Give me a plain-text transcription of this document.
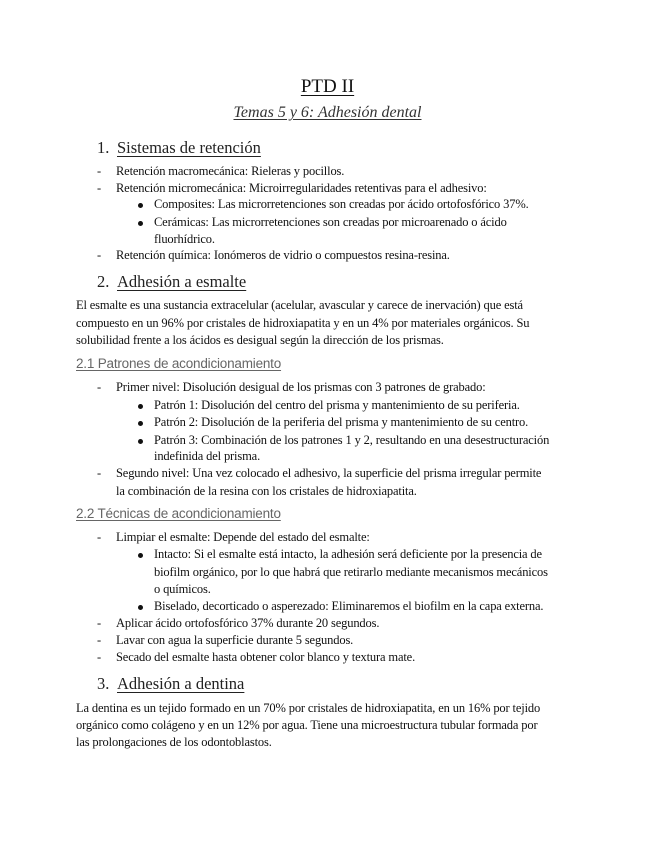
PTD II
Temas 5 y 6: Adhesión dental
1. Sistemas de retención
- Retención macromecánica: Rieleras y pocillos.
- Retención micromecánica: Microirregularidades retentivas para el adhesivo:
Composites: Las microrretenciones son creadas por ácido ortofosfórico 37%.
Cerámicas: Las microrretenciones son creadas por microarenado o ácido
fluorhídrico.
- Retención química: Ionómeros de vidrio o compuestos resina-resina.
2. Adhesión a esmalte
El esmalte es una sustancia extracelular (acelular, avascular y carece de inervación) que está
compuesto en un 96% por cristales de hidroxiapatita y en un 4% por materiales orgánicos. Su
solubilidad frente a los ácidos es desigual según la dirección de los prismas.
2.1 Patrones de acondicionamiento
- Primer nivel: Disolución desigual de los prismas con 3 patrones de grabado:
Patrón 1: Disolución del centro del prisma y mantenimiento de su periferia.
Patrón 2: Disolución de la periferia del prisma y mantenimiento de su centro.
Patrón 3: Combinación de los patrones 1 y 2, resultando en una desestructuración
indefinida del prisma.
- Segundo nivel: Una vez colocado el adhesivo, la superficie del prisma irregular permite
la combinación de la resina con los cristales de hidroxiapatita.
2.2 Técnicas de acondicionamiento
- Limpiar el esmalte: Depende del estado del esmalte:
Intacto: Si el esmalte está intacto, la adhesión será deficiente por la presencia de
biofilm orgánico, por lo que habrá que retirarlo mediante mecanismos mecánicos
o químicos.
Biselado, decorticado o asperezado: Eliminaremos el biofilm en la capa externa.
- Aplicar ácido ortofosfórico 37% durante 20 segundos.
- Lavar con agua la superficie durante 5 segundos.
- Secado del esmalte hasta obtener color blanco y textura mate.
3. Adhesión a dentina
La dentina es un tejido formado en un 70% por cristales de hidroxiapatita, en un 16% por tejido
orgánico como colágeno y en un 12% por agua. Tiene una microestructura tubular formada por
las prolongaciones de los odontoblastos.
